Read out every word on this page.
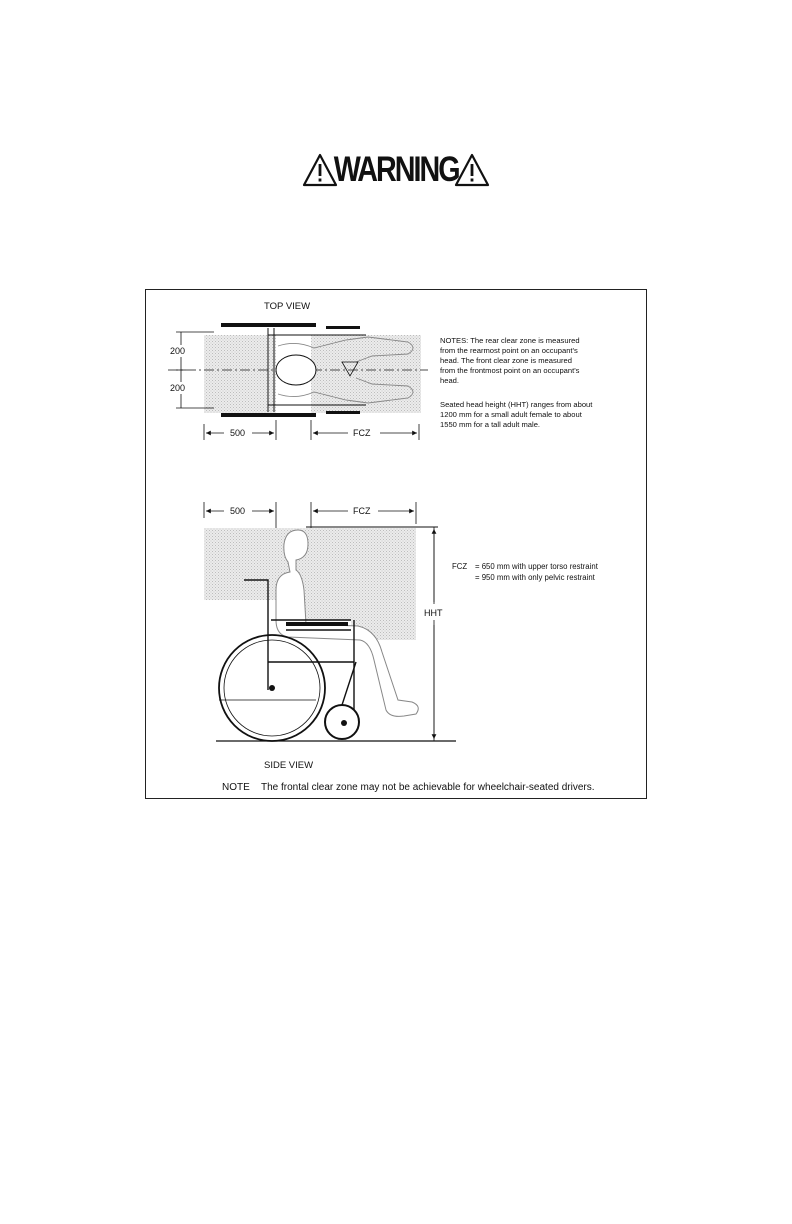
WARNING
TOP VIEW
200
200
500	FCZ
NOTES: The rear clear zone is measured
from the rearmost point on an occupant's
head. The front clear zone is measured
from the frontmost point on an occupant's
head.
Seated head height (HHT) ranges from about
1200 mm for a small adult female to about
1550 mm for a tall adult male.
500	FCZ
HHT
FCZ = 650 mm with upper torso restraint
= 950 mm with only pelvic restraint
SIDE VIEW
NOTE The frontal clear zone may not be achievable for wheelchair-seated drivers.
